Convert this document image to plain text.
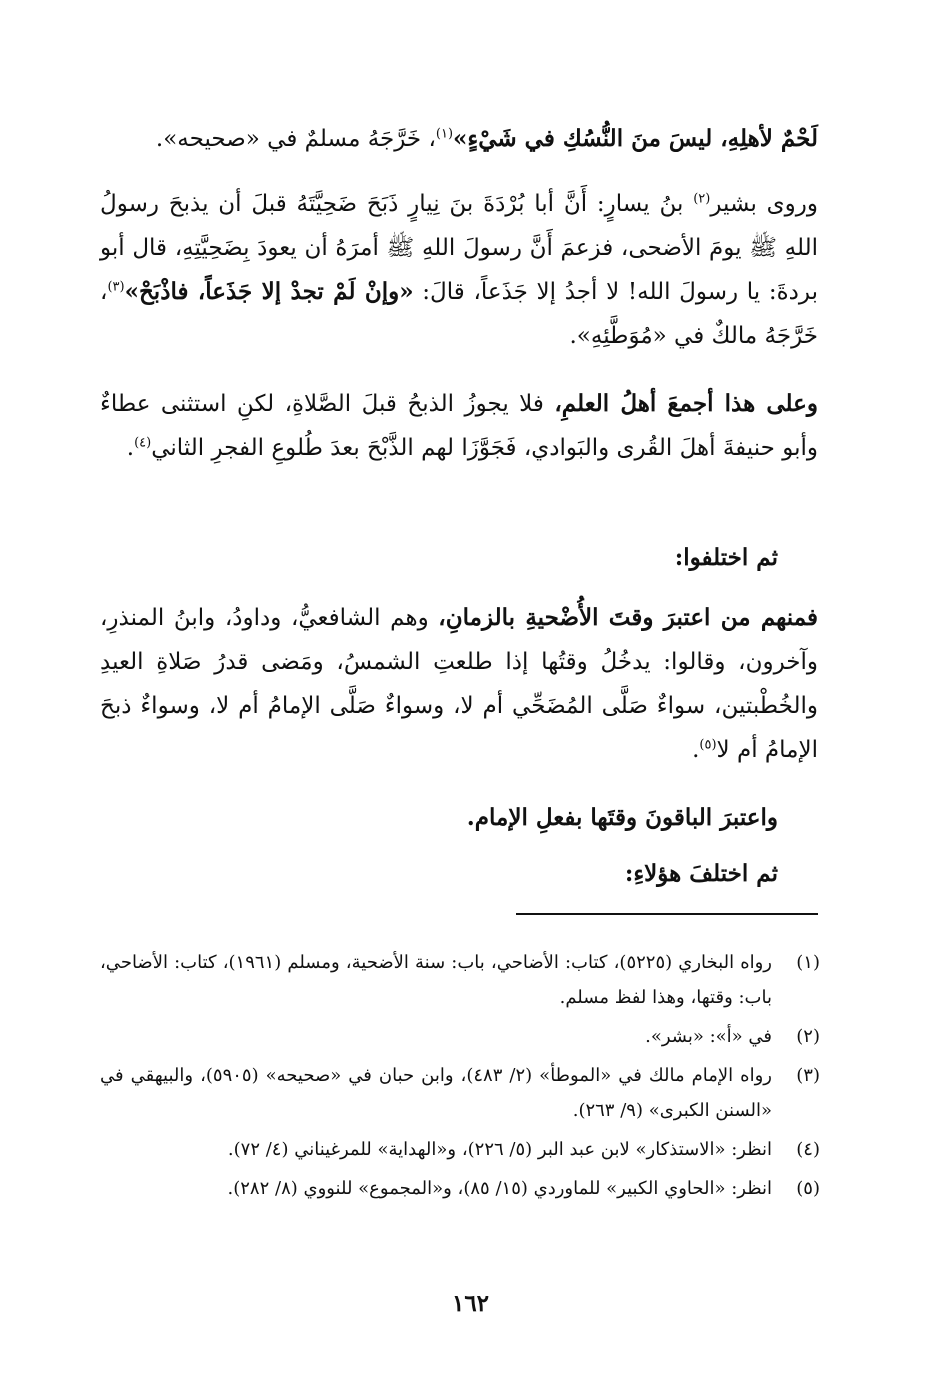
لَحْمٌ لأهلِهِ، ليسَ منَ النُّسُكِ في شَيْءٍ»$^{(١)}$، خَرَّجَهُ مسلمٌ في «صحيحه».
وروى بشير$^{(٢)}$ بنُ يسارٍ: أَنَّ أبا بُرْدَةَ بنَ نِيارٍ ذَبَحَ ضَحِيَّتَهُ قبلَ أن يذبحَ رسولُ اللهِ ﷺ يومَ الأضحى، فزعمَ أَنَّ رسولَ اللهِ ﷺ أمرَهُ أن يعودَ بِضَحِيَّتِهِ، قال أبو بردةَ: يا رسولَ الله! لا أجدُ إلا جَذَعاً، قالَ: «وإنْ لَمْ تجدْ إلا جَذَعاً، فاذْبَحْ»$^{(٣)}$، خَرَّجَهُ مالكٌ في «مُوَطَّئِهِ».
وعلى هذا أجمعَ أهلُ العلمِ، فلا يجوزُ الذبحُ قبلَ الصَّلاةِ، لكنِ استثنى عطاءٌ وأبو حنيفةَ أهلَ القُرى والبَوادي، فَجَوَّزَا لهم الذَّبْحَ بعدَ طُلوعِ الفجرِ الثاني$^{(٤)}$.
ثم اختلفوا:
فمنهم من اعتبرَ وقتَ الأُضْحيةِ بالزمانِ، وهم الشافعيُّ، وداودُ، وابنُ المنذرِ، وآخرون، وقالوا: يدخُلُ وقتُها إذا طلعتِ الشمسُ، ومَضى قدرُ صَلاةِ العيدِ والخُطْبتين، سواءٌ صَلَّى المُضَحِّي أم لا، وسواءٌ صَلَّى الإمامُ أم لا، وسواءٌ ذبحَ الإمامُ أم لا$^{(٥)}$.
واعتبرَ الباقونَ وقتَها بفعلِ الإمام.
ثم اختلفَ هؤلاءِ:
(١)
رواه البخاري (٥٢٢٥)، كتاب: الأضاحي، باب: سنة الأضحية، ومسلم (١٩٦١)، كتاب: الأضاحي، باب: وقتها، وهذا لفظ مسلم.
(٢)
في «أ»: «بشر».
(٣)
رواه الإمام مالك في «الموطأ» (٢/ ٤٨٣)، وابن حبان في «صحيحه» (٥٩٠٥)، والبيهقي في «السنن الكبرى» (٩/ ٢٦٣).
(٤)
انظر: «الاستذكار» لابن عبد البر (٥/ ٢٢٦)، و«الهداية» للمرغيناني (٤/ ٧٢).
(٥)
انظر: «الحاوي الكبير» للماوردي (١٥/ ٨٥)، و«المجموع» للنووي (٨/ ٢٨٢).
١٦٢
